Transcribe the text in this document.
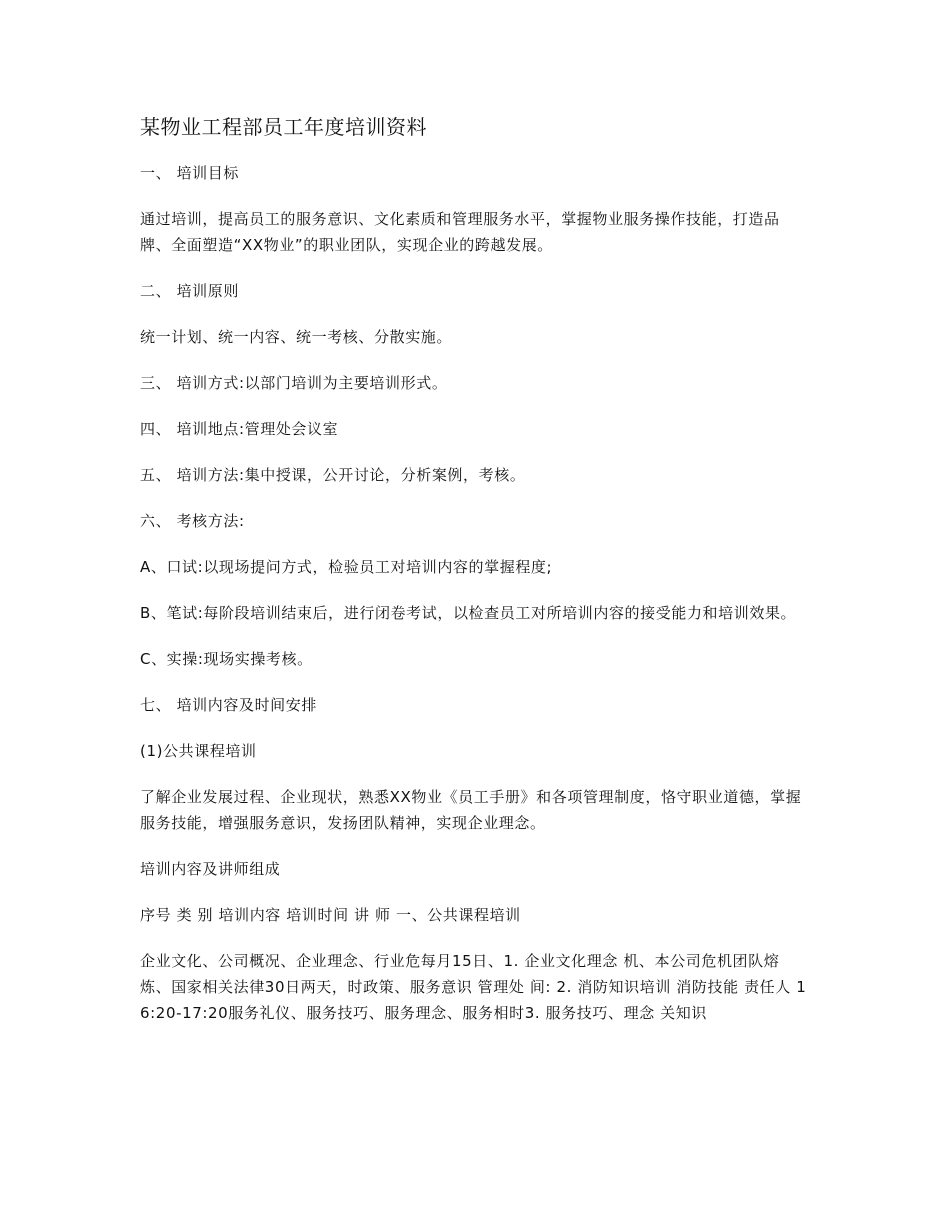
某物业工程部员工年度培训资料
一、 培训目标
通过培训，提高员工的服务意识、文化素质和管理服务水平，掌握物业服务操作技能，打造品牌、全面塑造“XX物业”的职业团队，实现企业的跨越发展。
二、 培训原则
统一计划、统一内容、统一考核、分散实施。
三、 培训方式:以部门培训为主要培训形式。
四、 培训地点:管理处会议室
五、 培训方法:集中授课，公开讨论，分析案例，考核。
六、 考核方法:
A、口试:以现场提问方式，检验员工对培训内容的掌握程度;
B、笔试:每阶段培训结束后，进行闭卷考试，以检查员工对所培训内容的接受能力和培训效果。
C、实操:现场实操考核。
七、 培训内容及时间安排
(1)公共课程培训
了解企业发展过程、企业现状，熟悉XX物业《员工手册》和各项管理制度，恪守职业道德，掌握服务技能，增强服务意识，发扬团队精神，实现企业理念。
培训内容及讲师组成
序号 类 别 培训内容 培训时间 讲 师 一、公共课程培训
企业文化、公司概况、企业理念、行业危每月15日、1. 企业文化理念 机、本公司危机团队熔炼、国家相关法律30日两天，时政策、服务意识 管理处 间: 2. 消防知识培训 消防技能 责任人 16:20-17:20服务礼仪、服务技巧、服务理念、服务相时3. 服务技巧、理念 关知识
